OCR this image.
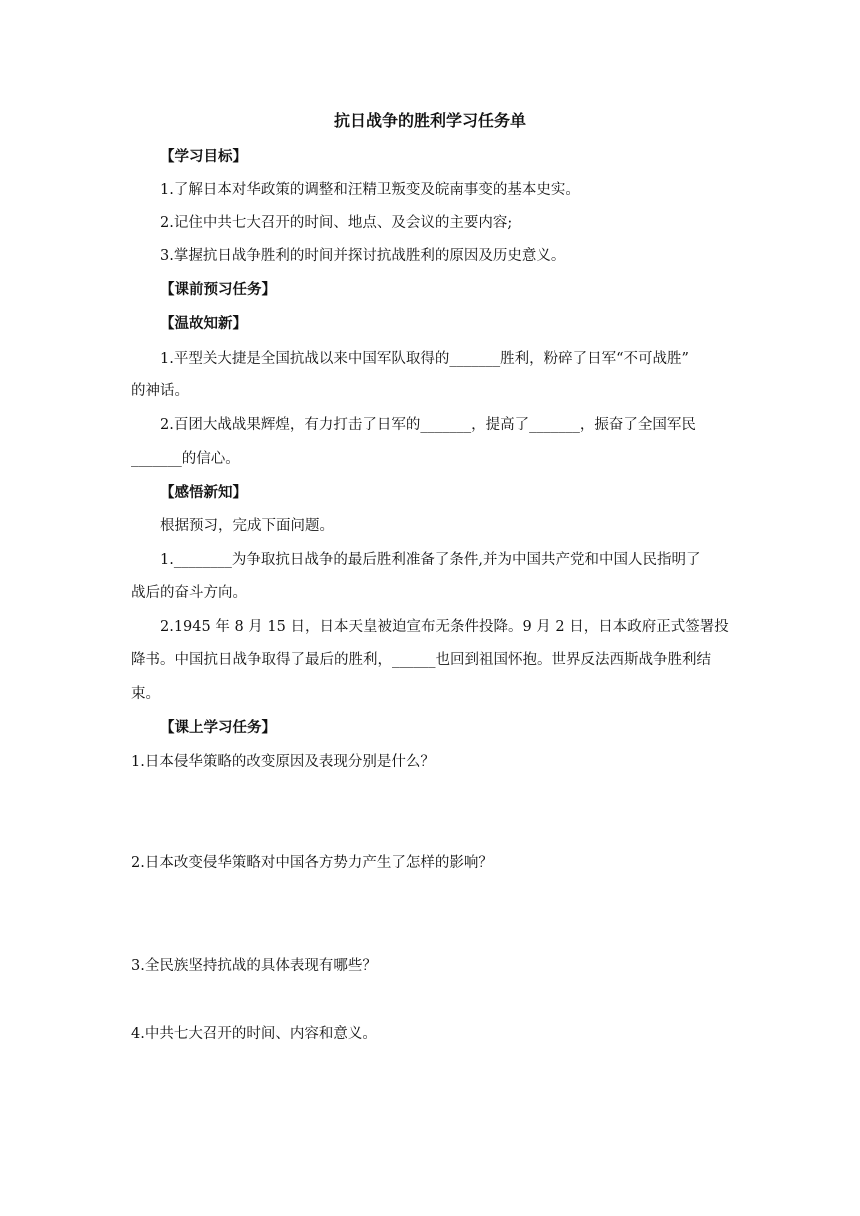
抗日战争的胜利学习任务单

【学习目标】

1.了解日本对华政策的调整和汪精卫叛变及皖南事变的基本史实。

2.记住中共七大召开的时间、地点、及会议的主要内容;

3.掌握抗日战争胜利的时间并探讨抗战胜利的原因及历史意义。

【课前预习任务】

【温故知新】

1.平型关大捷是全国抗战以来中国军队取得的_______胜利，粉碎了日军“不可战胜”

的神话。

2.百团大战战果辉煌，有力打击了日军的_______，提高了_______，振奋了全国军民

_______的信心。

【感悟新知】

根据预习，完成下面问题。

1.________为争取抗日战争的最后胜利准备了条件,并为中国共产党和中国人民指明了

战后的奋斗方向。

2.1945 年 8 月 15 日，日本天皇被迫宣布无条件投降。9 月 2 日，日本政府正式签署投

降书。中国抗日战争取得了最后的胜利，______也回到祖国怀抱。世界反法西斯战争胜利结

束。

【课上学习任务】

1.日本侵华策略的改变原因及表现分别是什么？

2.日本改变侵华策略对中国各方势力产生了怎样的影响？

3.全民族坚持抗战的具体表现有哪些？

4.中共七大召开的时间、内容和意义。
